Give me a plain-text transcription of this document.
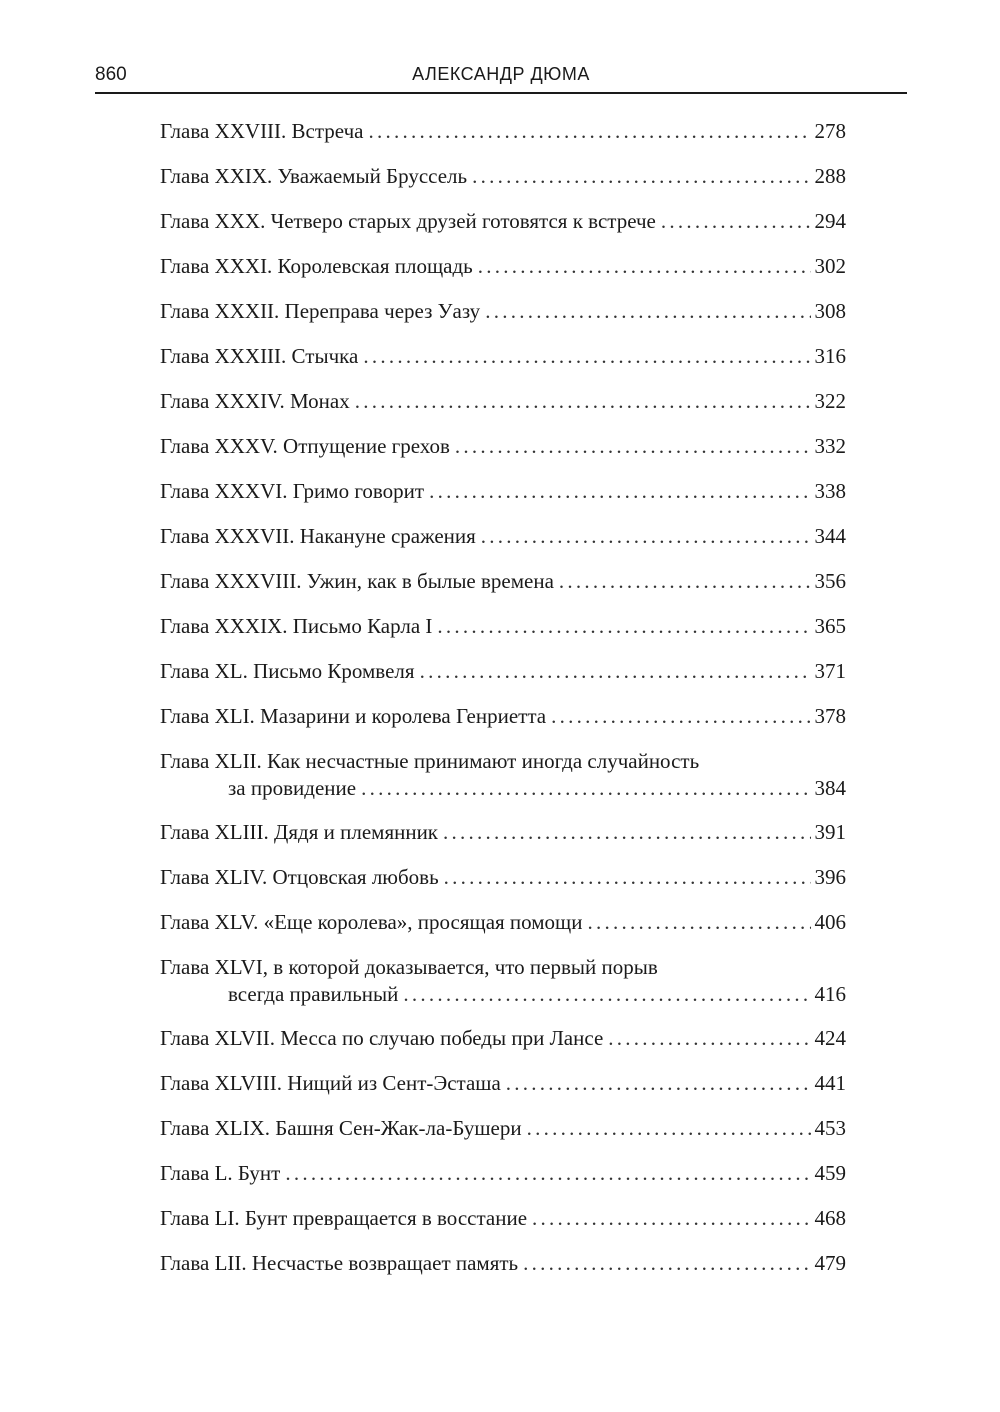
860	АЛЕКСАНДР ДЮМА
Глава XXVIII. Встреча . . .	278
Глава XXIX. Уважаемый Бруссель . . .	288
Глава XXX. Четверо старых друзей готовятся к встрече . . .	294
Глава XXXI. Королевская площадь . . .	302
Глава XXXII. Переправа через Уазу . . .	308
Глава XXXIII. Стычка . . .	316
Глава XXXIV. Монах . . .	322
Глава XXXV. Отпущение грехов . . .	332
Глава XXXVI. Гримо говорит . . .	338
Глава XXXVII. Накануне сражения . . .	344
Глава XXXVIII. Ужин, как в былые времена . . .	356
Глава XXXIX. Письмо Карла I . . .	365
Глава XL. Письмо Кромвеля . . .	371
Глава XLI. Мазарини и королева Генриетта . . .	378
Глава XLII. Как несчастные принимают иногда случайность
за провидение . . .	384
Глава XLIII. Дядя и племянник . . .	391
Глава XLIV. Отцовская любовь . . .	396
Глава XLV. «Еще королева», просящая помощи . . .	406
Глава XLVI, в которой доказывается, что первый порыв
всегда правильный . . .	416
Глава XLVII. Месса по случаю победы при Лансе . . .	424
Глава XLVIII. Нищий из Сент-Эсташа . . .	441
Глава XLIX. Башня Сен-Жак-ла-Бушери . . .	453
Глава L. Бунт . . .	459
Глава LI. Бунт превращается в восстание . . .	468
Глава LII. Несчастье возвращает память . . .	479
